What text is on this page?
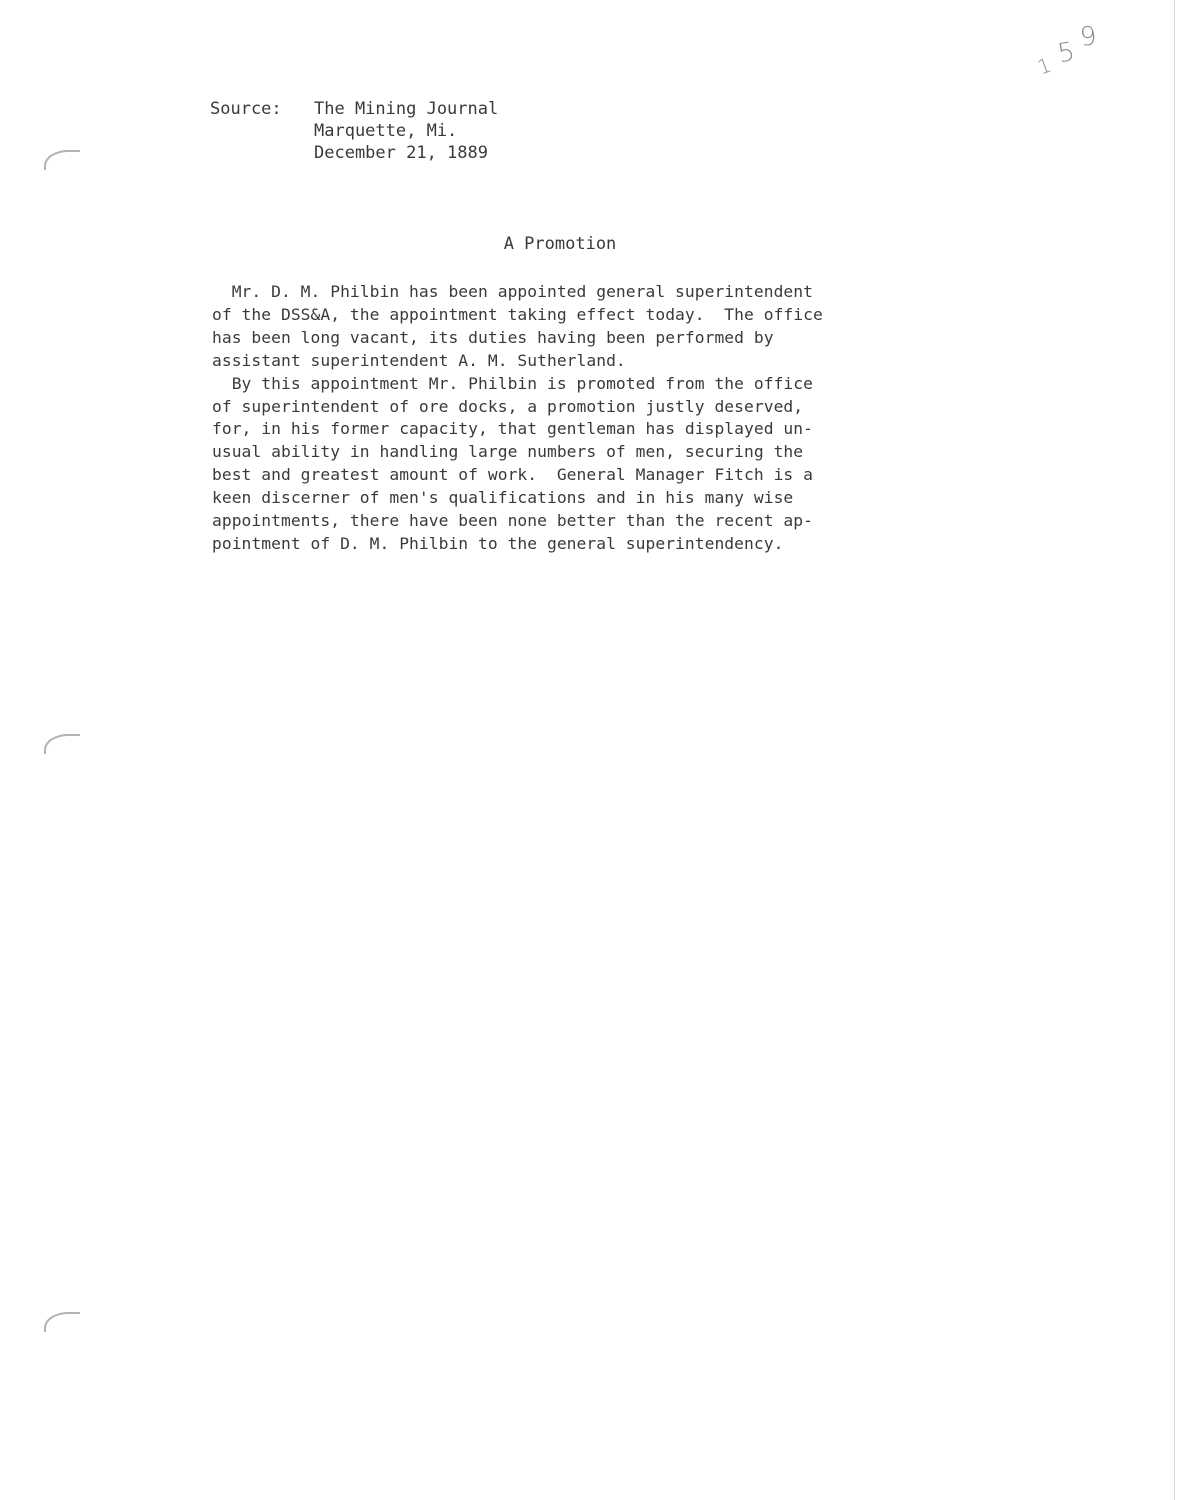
1 5 9
Source:	The Mining Journal
Marquette, Mi.
December 21, 1889
A Promotion
Mr. D. M. Philbin has been appointed general superintendent
of the DSS&A, the appointment taking effect today.  The office
has been long vacant, its duties having been performed by
assistant superintendent A. M. Sutherland.
By this appointment Mr. Philbin is promoted from the office
of superintendent of ore docks, a promotion justly deserved,
for, in his former capacity, that gentleman has displayed un-
usual ability in handling large numbers of men, securing the
best and greatest amount of work.  General Manager Fitch is a
keen discerner of men's qualifications and in his many wise
appointments, there have been none better than the recent ap-
pointment of D. M. Philbin to the general superintendency.
